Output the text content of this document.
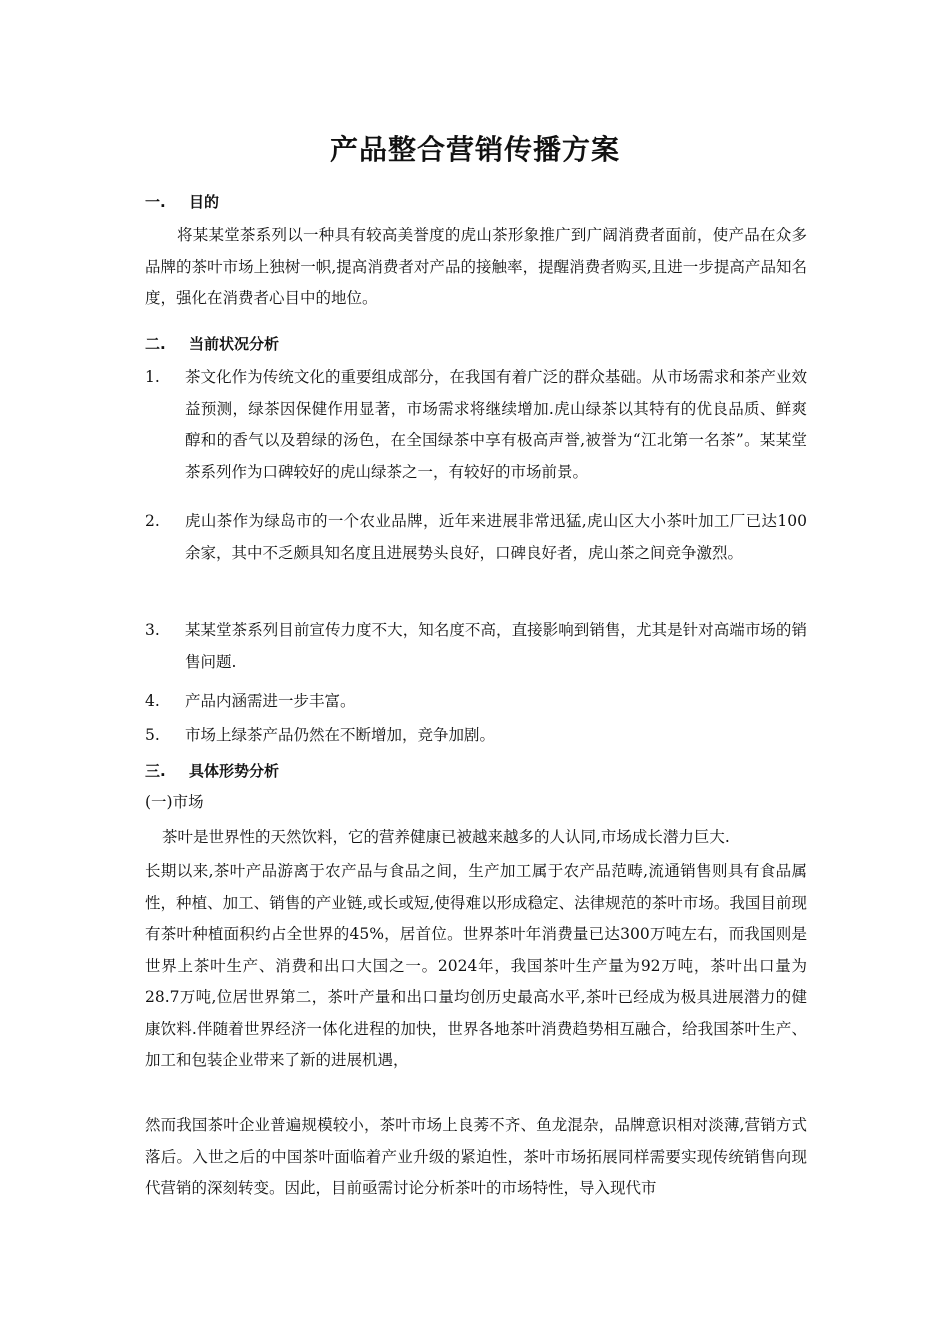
产品整合营销传播方案
一. 目的
将某某堂茶系列以一种具有较高美誉度的虎山茶形象推广到广阔消费者面前，使产品在众多品牌的茶叶市场上独树一帜,提高消费者对产品的接触率，提醒消费者购买,且进一步提高产品知名度，强化在消费者心目中的地位。
二. 当前状况分析
1. 茶文化作为传统文化的重要组成部分，在我国有着广泛的群众基础。从市场需求和茶产业效益预测，绿茶因保健作用显著，市场需求将继续增加.虎山绿茶以其特有的优良品质、鲜爽醇和的香气以及碧绿的汤色，在全国绿茶中享有极高声誉,被誉为“江北第一名茶”。某某堂茶系列作为口碑较好的虎山绿茶之一，有较好的市场前景。
2. 虎山茶作为绿岛市的一个农业品牌，近年来进展非常迅猛,虎山区大小茶叶加工厂已达100余家，其中不乏颇具知名度且进展势头良好，口碑良好者，虎山茶之间竞争激烈。
3. 某某堂茶系列目前宣传力度不大，知名度不高，直接影响到销售，尤其是针对高端市场的销售问题.
4. 产品内涵需进一步丰富。
5. 市场上绿茶产品仍然在不断增加，竞争加剧。
三. 具体形势分析
(一)市场
茶叶是世界性的天然饮料，它的营养健康已被越来越多的人认同,市场成长潜力巨大.
长期以来,茶叶产品游离于农产品与食品之间，生产加工属于农产品范畴,流通销售则具有食品属性，种植、加工、销售的产业链,或长或短,使得难以形成稳定、法律规范的茶叶市场。我国目前现有茶叶种植面积约占全世界的45%，居首位。世界茶叶年消费量已达300万吨左右，而我国则是世界上茶叶生产、消费和出口大国之一。2024年，我国茶叶生产量为92万吨，茶叶出口量为28.7万吨,位居世界第二，茶叶产量和出口量均创历史最高水平,茶叶已经成为极具进展潜力的健康饮料.伴随着世界经济一体化进程的加快，世界各地茶叶消费趋势相互融合，给我国茶叶生产、加工和包装企业带来了新的进展机遇，
然而我国茶叶企业普遍规模较小，茶叶市场上良莠不齐、鱼龙混杂，品牌意识相对淡薄,营销方式落后。入世之后的中国茶叶面临着产业升级的紧迫性，茶叶市场拓展同样需要实现传统销售向现代营销的深刻转变。因此，目前亟需讨论分析茶叶的市场特性，导入现代市
